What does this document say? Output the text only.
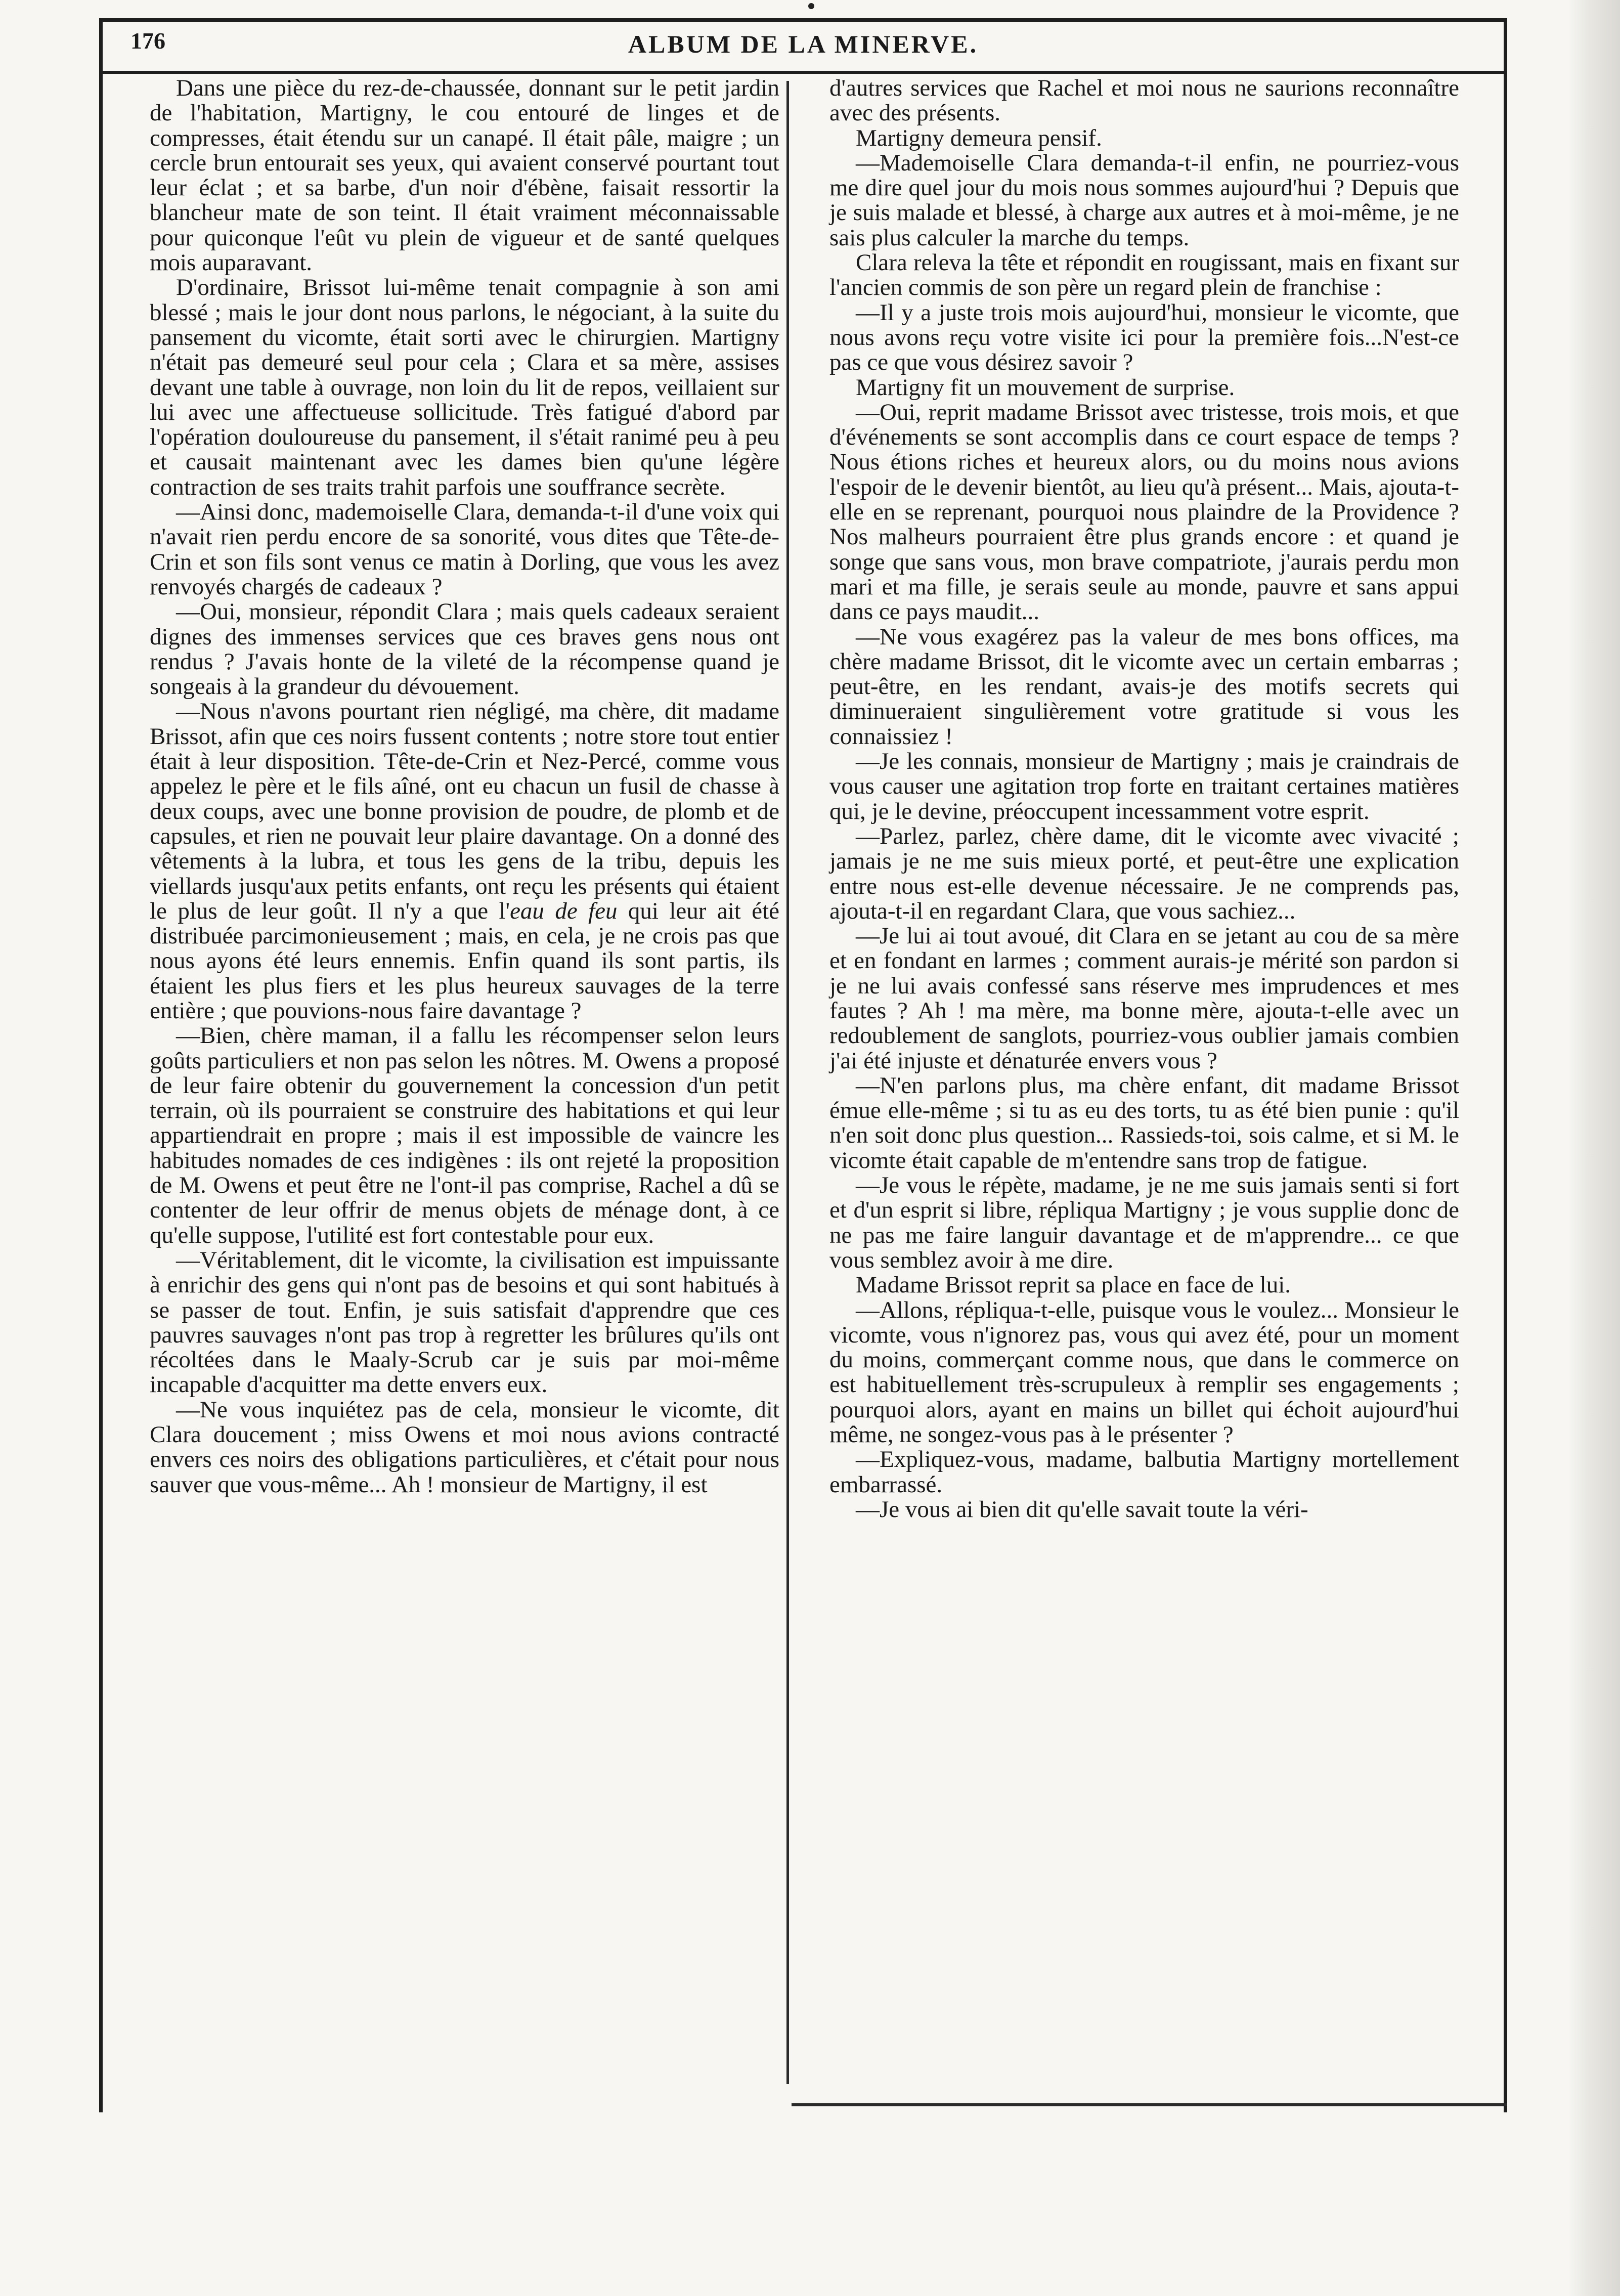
176	ALBUM DE LA MINERVE.

Dans une pièce du rez-de-chaussée, donnant sur le petit jardin de l'habitation, Martigny, le cou entouré de linges et de compresses, était étendu sur un canapé. Il était pâle, maigre ; un cercle brun entourait ses yeux, qui avaient conservé pourtant tout leur éclat ; et sa barbe, d'un noir d'ébène, faisait ressortir la blancheur mate de son teint. Il était vraiment méconnaissable pour quiconque l'eût vu plein de vigueur et de santé quelques mois auparavant.

D'ordinaire, Brissot lui-même tenait compagnie à son ami blessé ; mais le jour dont nous parlons, le négociant, à la suite du pansement du vicomte, était sorti avec le chirurgien. Martigny n'était pas demeuré seul pour cela ; Clara et sa mère, assises devant une table à ouvrage, non loin du lit de repos, veillaient sur lui avec une affectueuse sollicitude. Très fatigué d'abord par l'opération douloureuse du pansement, il s'était ranimé peu à peu et causait maintenant avec les dames bien qu'une légère contraction de ses traits trahit parfois une souffrance secrète.

—Ainsi donc, mademoiselle Clara, demanda-t-il d'une voix qui n'avait rien perdu encore de sa sonorité, vous dites que Tête-de-Crin et son fils sont venus ce matin à Dorling, que vous les avez renvoyés chargés de cadeaux ?

—Oui, monsieur, répondit Clara ; mais quels cadeaux seraient dignes des immenses services que ces braves gens nous ont rendus ? J'avais honte de la vileté de la récompense quand je songeais à la grandeur du dévouement.

—Nous n'avons pourtant rien négligé, ma chère, dit madame Brissot, afin que ces noirs fussent contents ; notre store tout entier était à leur disposition. Tête-de-Crin et Nez-Percé, comme vous appelez le père et le fils aîné, ont eu chacun un fusil de chasse à deux coups, avec une bonne provision de poudre, de plomb et de capsules, et rien ne pouvait leur plaire davantage. On a donné des vêtements à la lubra, et tous les gens de la tribu, depuis les viellards jusqu'aux petits enfants, ont reçu les présents qui étaient le plus de leur goût. Il n'y a que l'eau de feu qui leur ait été distribuée parcimonieusement ; mais, en cela, je ne crois pas que nous ayons été leurs ennemis. Enfin quand ils sont partis, ils étaient les plus fiers et les plus heureux sauvages de la terre entière ; que pouvions-nous faire davantage ?

—Bien, chère maman, il a fallu les récompenser selon leurs goûts particuliers et non pas selon les nôtres. M. Owens a proposé de leur faire obtenir du gouvernement la concession d'un petit terrain, où ils pourraient se construire des habitations et qui leur appartiendrait en propre ; mais il est impossible de vaincre les habitudes nomades de ces indigènes : ils ont rejeté la proposition de M. Owens et peut être ne l'ont-il pas comprise, Rachel a dû se contenter de leur offrir de menus objets de ménage dont, à ce qu'elle suppose, l'utilité est fort contestable pour eux.

—Véritablement, dit le vicomte, la civilisation est impuissante à enrichir des gens qui n'ont pas de besoins et qui sont habitués à se passer de tout. Enfin, je suis satisfait d'apprendre que ces pauvres sauvages n'ont pas trop à regretter les brûlures qu'ils ont récoltées dans le Maaly-Scrub car je suis par moi-même incapable d'acquitter ma dette envers eux.

—Ne vous inquiétez pas de cela, monsieur le vicomte, dit Clara doucement ; miss Owens et moi nous avions contracté envers ces noirs des obligations particulières, et c'était pour nous sauver que vous-même... Ah ! monsieur de Martigny, il est

d'autres services que Rachel et moi nous ne saurions reconnaître avec des présents.

Martigny demeura pensif.

—Mademoiselle Clara demanda-t-il enfin, ne pourriez-vous me dire quel jour du mois nous sommes aujourd'hui ? Depuis que je suis malade et blessé, à charge aux autres et à moi-même, je ne sais plus calculer la marche du temps.

Clara releva la tête et répondit en rougissant, mais en fixant sur l'ancien commis de son père un regard plein de franchise :

—Il y a juste trois mois aujourd'hui, monsieur le vicomte, que nous avons reçu votre visite ici pour la première fois...N'est-ce pas ce que vous désirez savoir ?

Martigny fit un mouvement de surprise.

—Oui, reprit madame Brissot avec tristesse, trois mois, et que d'événements se sont accomplis dans ce court espace de temps ? Nous étions riches et heureux alors, ou du moins nous avions l'espoir de le devenir bientôt, au lieu qu'à présent... Mais, ajouta-t-elle en se reprenant, pourquoi nous plaindre de la Providence ? Nos malheurs pourraient être plus grands encore : et quand je songe que sans vous, mon brave compatriote, j'aurais perdu mon mari et ma fille, je serais seule au monde, pauvre et sans appui dans ce pays maudit...

—Ne vous exagérez pas la valeur de mes bons offices, ma chère madame Brissot, dit le vicomte avec un certain embarras ; peut-être, en les rendant, avais-je des motifs secrets qui diminueraient singulièrement votre gratitude si vous les connaissiez !

—Je les connais, monsieur de Martigny ; mais je craindrais de vous causer une agitation trop forte en traitant certaines matières qui, je le devine, préoccupent incessamment votre esprit.

—Parlez, parlez, chère dame, dit le vicomte avec vivacité ; jamais je ne me suis mieux porté, et peut-être une explication entre nous est-elle devenue nécessaire. Je ne comprends pas, ajouta-t-il en regardant Clara, que vous sachiez...

—Je lui ai tout avoué, dit Clara en se jetant au cou de sa mère et en fondant en larmes ; comment aurais-je mérité son pardon si je ne lui avais confessé sans réserve mes imprudences et mes fautes ? Ah ! ma mère, ma bonne mère, ajouta-t-elle avec un redoublement de sanglots, pourriez-vous oublier jamais combien j'ai été injuste et dénaturée envers vous ?

—N'en parlons plus, ma chère enfant, dit madame Brissot émue elle-même ; si tu as eu des torts, tu as été bien punie : qu'il n'en soit donc plus question... Rassieds-toi, sois calme, et si M. le vicomte était capable de m'entendre sans trop de fatigue.

—Je vous le répète, madame, je ne me suis jamais senti si fort et d'un esprit si libre, répliqua Martigny ; je vous supplie donc de ne pas me faire languir davantage et de m'apprendre... ce que vous semblez avoir à me dire.

Madame Brissot reprit sa place en face de lui.

—Allons, répliqua-t-elle, puisque vous le voulez... Monsieur le vicomte, vous n'ignorez pas, vous qui avez été, pour un moment du moins, commerçant comme nous, que dans le commerce on est habituellement très-scrupuleux à remplir ses engagements ; pourquoi alors, ayant en mains un billet qui échoit aujourd'hui même, ne songez-vous pas à le présenter ?

—Expliquez-vous, madame, balbutia Martigny mortellement embarrassé.

—Je vous ai bien dit qu'elle savait toute la véri-
